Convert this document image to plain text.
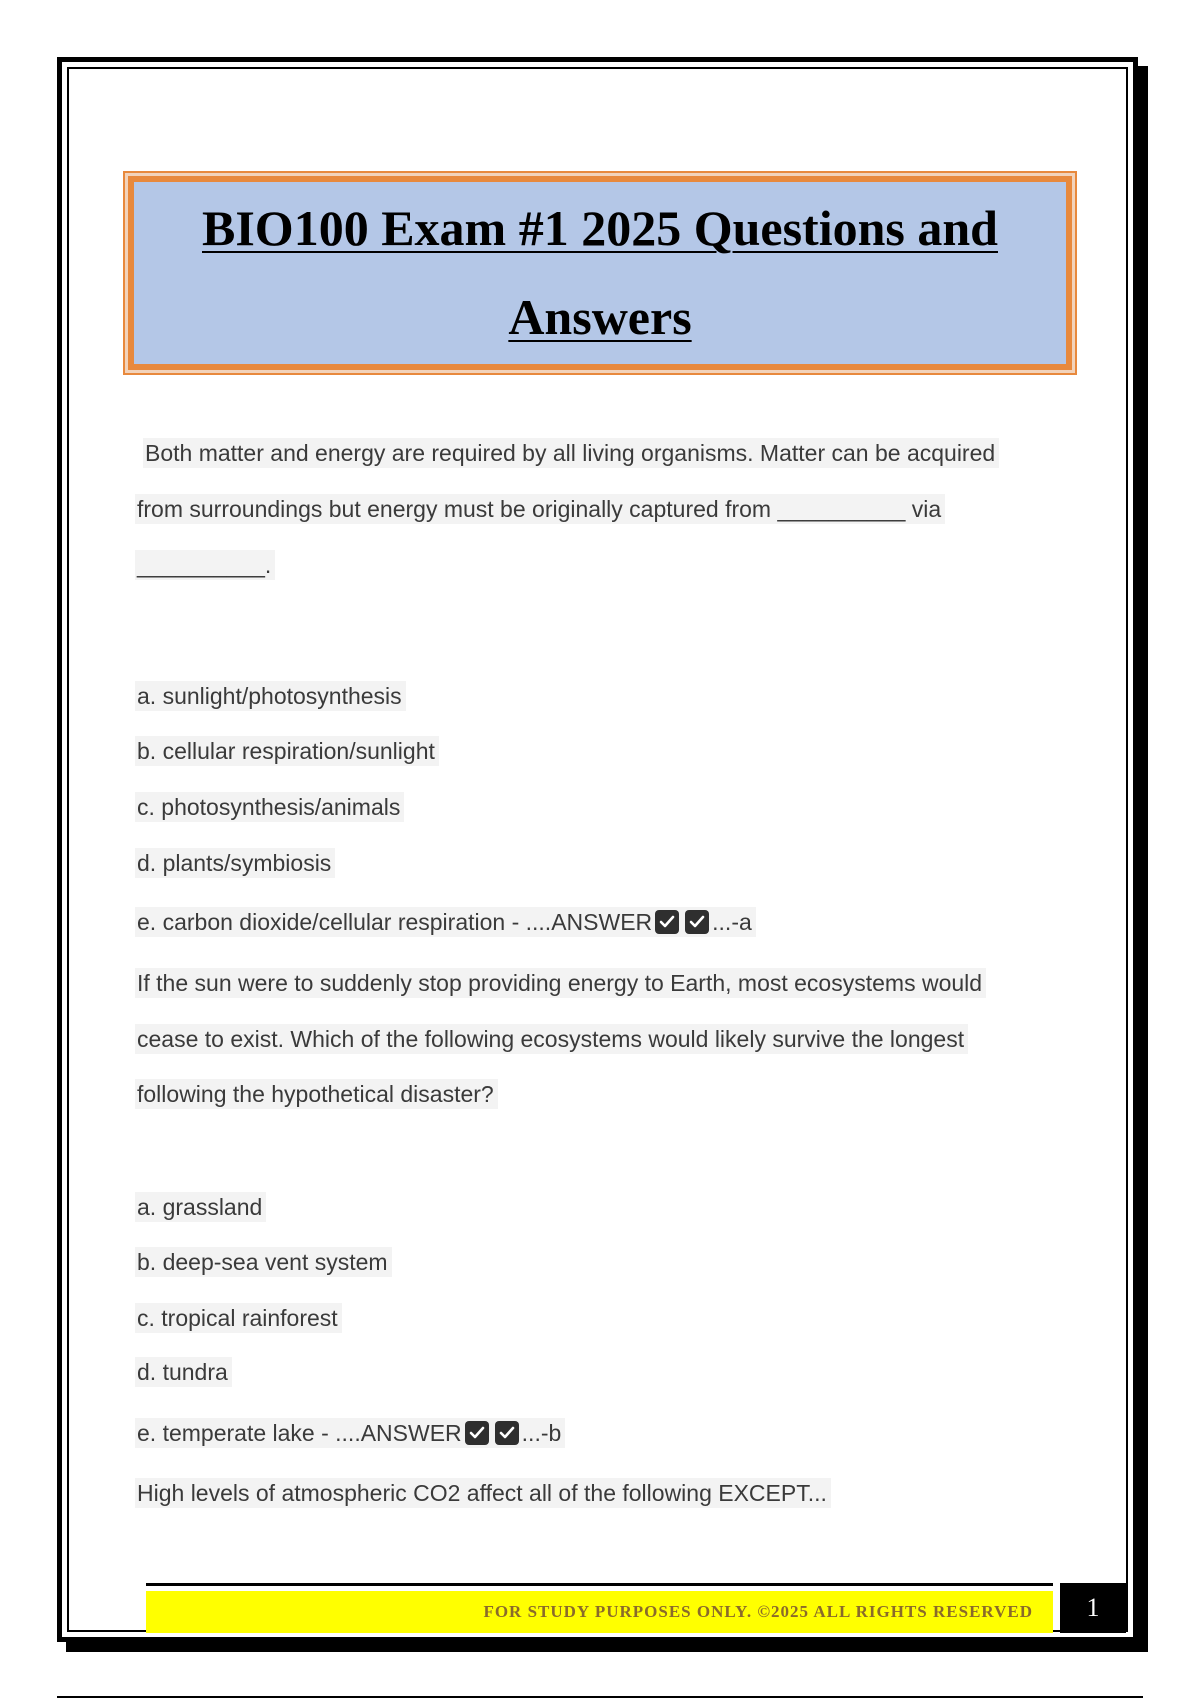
BIO100 Exam #1 2025 Questions and
Answers
Both matter and energy are required by all living organisms. Matter can be acquired
from surroundings but energy must be originally captured from __________ via
__________.
a. sunlight/photosynthesis
b. cellular respiration/sunlight
c. photosynthesis/animals
d. plants/symbiosis
e. carbon dioxide/cellular respiration - ....ANSWER	...-a
If the sun were to suddenly stop providing energy to Earth, most ecosystems would
cease to exist. Which of the following ecosystems would likely survive the longest
following the hypothetical disaster?
a. grassland
b. deep-sea vent system
c. tropical rainforest
d. tundra
e. temperate lake - ....ANSWER	...-b
High levels of atmospheric CO2 affect all of the following EXCEPT...
FOR STUDY PURPOSES ONLY. ©2025 ALL RIGHTS RESERVED 1
